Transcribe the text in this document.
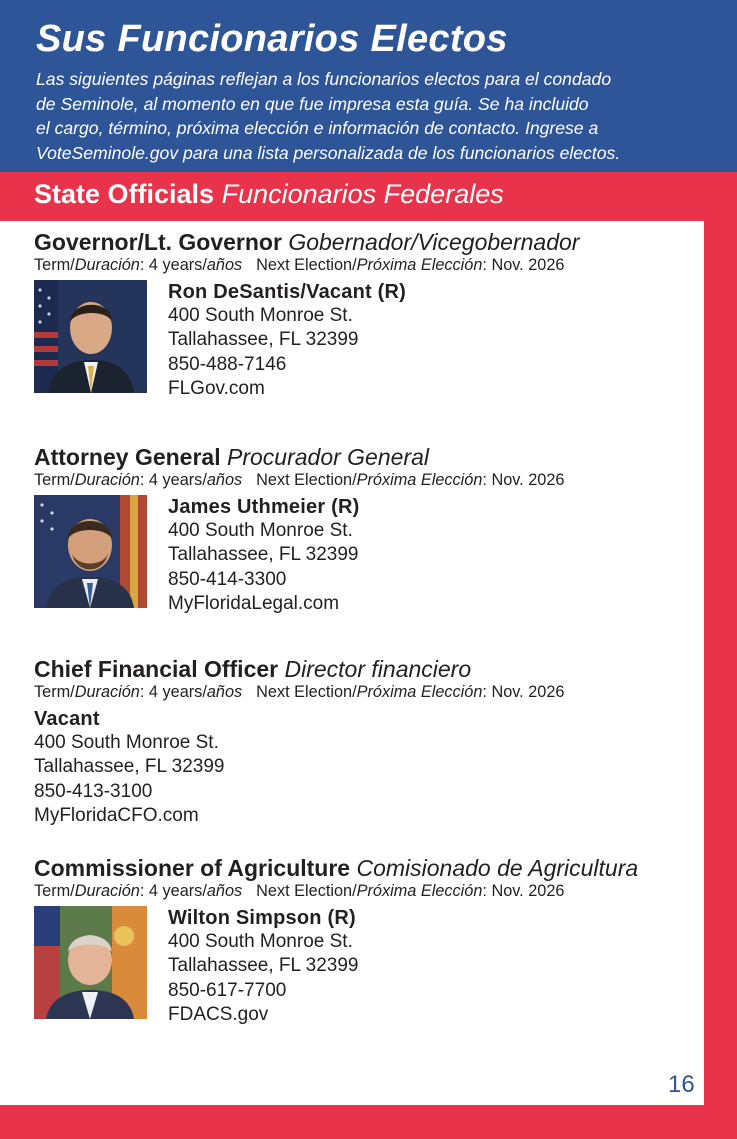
Sus Funcionarios Electos
Las siguientes páginas reflejan a los funcionarios electos para el condado
de Seminole, al momento en que fue impresa esta guía. Se ha incluido
el cargo, término, próxima elección e información de contacto. Ingrese a
VoteSeminole.gov para una lista personalizada de los funcionarios electos.
State Officials Funcionarios Federales
Governor/Lt. Governor Gobernador/Vicegobernador
Term/Duración: 4 years/años Next Election/Próxima Elección: Nov. 2026
Ron DeSantis/Vacant (R)
400 South Monroe St.
Tallahassee, FL 32399
850-488-7146
FLGov.com
Attorney General Procurador General
Term/Duración: 4 years/años Next Election/Próxima Elección: Nov. 2026
James Uthmeier (R)
400 South Monroe St.
Tallahassee, FL 32399
850-414-3300
MyFloridaLegal.com
Chief Financial Officer Director financiero
Term/Duración: 4 years/años Next Election/Próxima Elección: Nov. 2026
Vacant
400 South Monroe St.
Tallahassee, FL 32399
850-413-3100
MyFloridaCFO.com
Commissioner of Agriculture Comisionado de Agricultura
Term/Duración: 4 years/años Next Election/Próxima Elección: Nov. 2026
Wilton Simpson (R)
400 South Monroe St.
Tallahassee, FL 32399
850-617-7700
FDACS.gov
16
